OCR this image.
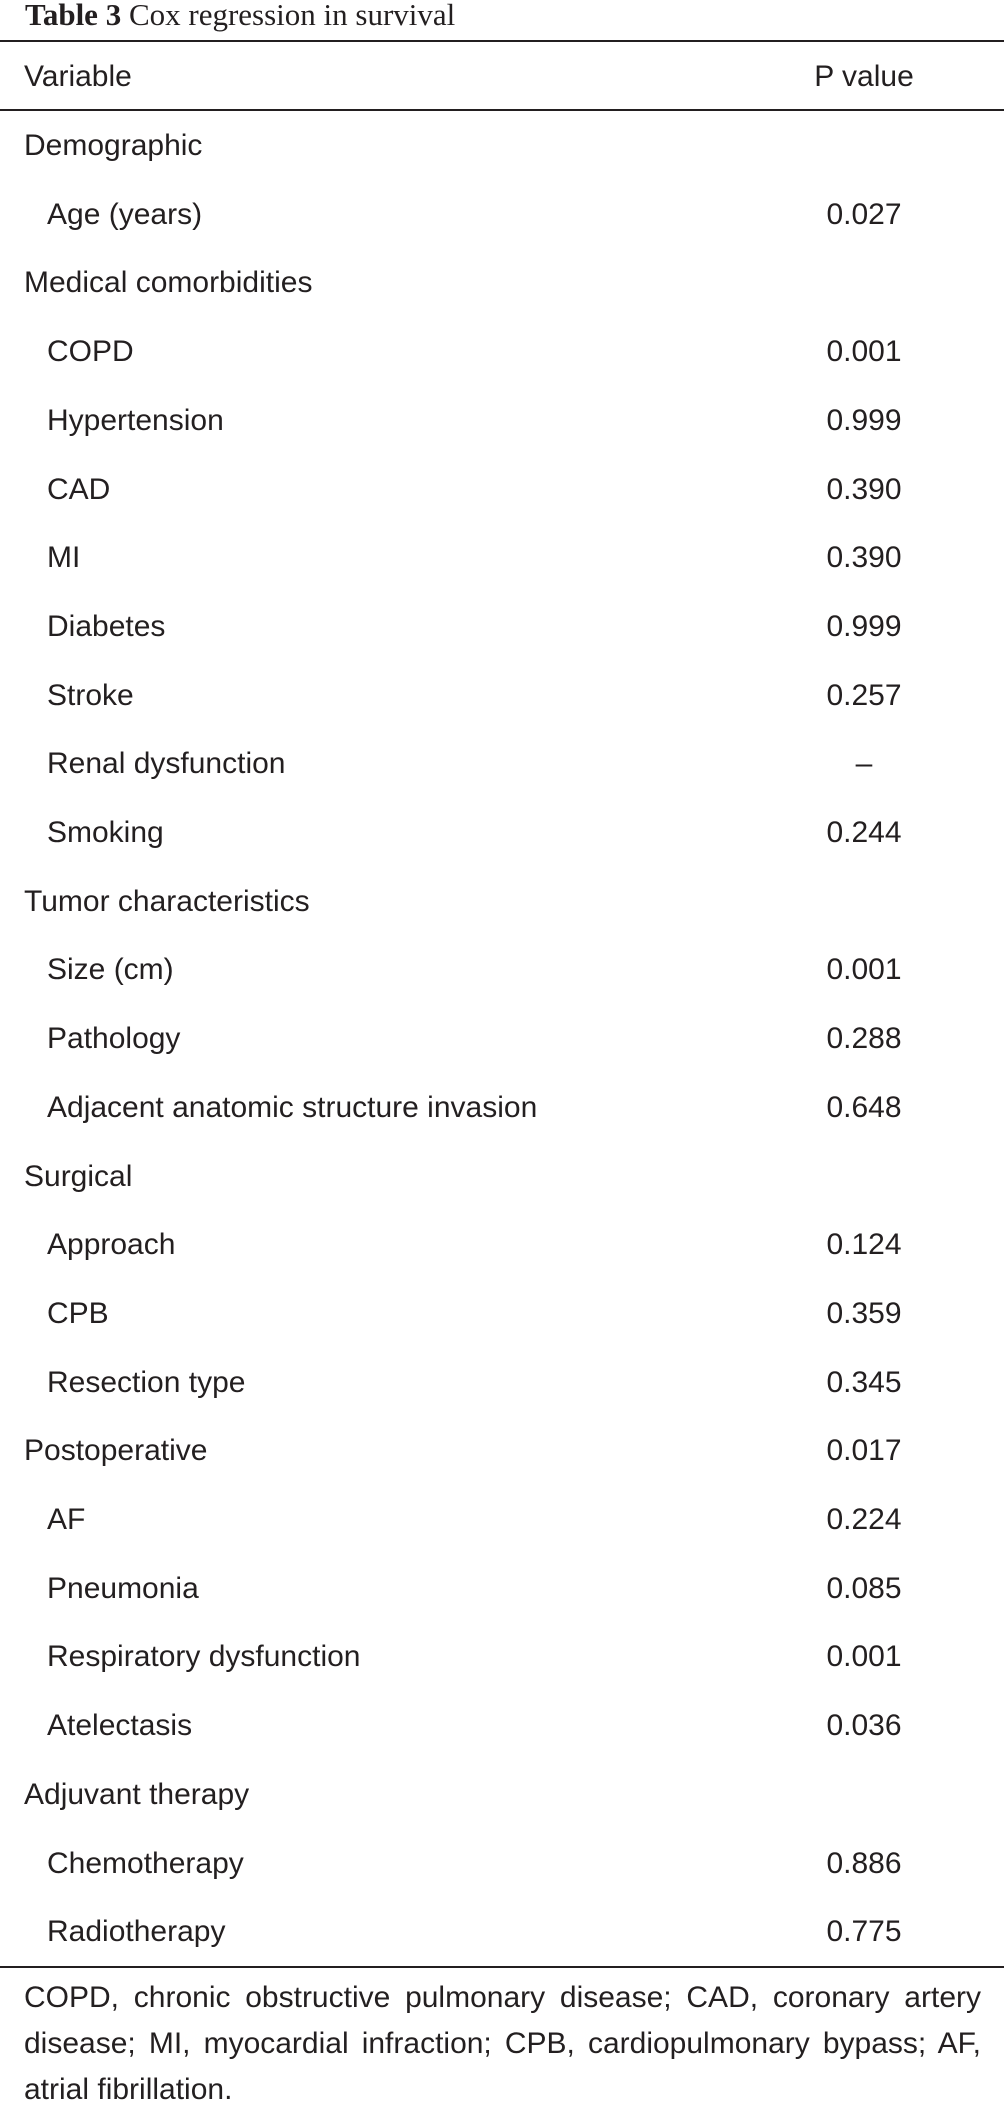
Table 3 Cox regression in survival
Variable	P value
Demographic
Age (years)	0.027
Medical comorbidities
COPD	0.001
Hypertension	0.999
CAD	0.390
MI	0.390
Diabetes	0.999
Stroke	0.257
Renal dysfunction	–
Smoking	0.244
Tumor characteristics
Size (cm)	0.001
Pathology	0.288
Adjacent anatomic structure invasion	0.648
Surgical
Approach	0.124
CPB	0.359
Resection type	0.345
Postoperative	0.017
AF	0.224
Pneumonia	0.085
Respiratory dysfunction	0.001
Atelectasis	0.036
Adjuvant therapy
Chemotherapy	0.886
Radiotherapy	0.775
COPD, chronic obstructive pulmonary disease; CAD, coronary artery disease; MI, myocardial infraction; CPB, cardiopulmonary bypass; AF, atrial fibrillation.
